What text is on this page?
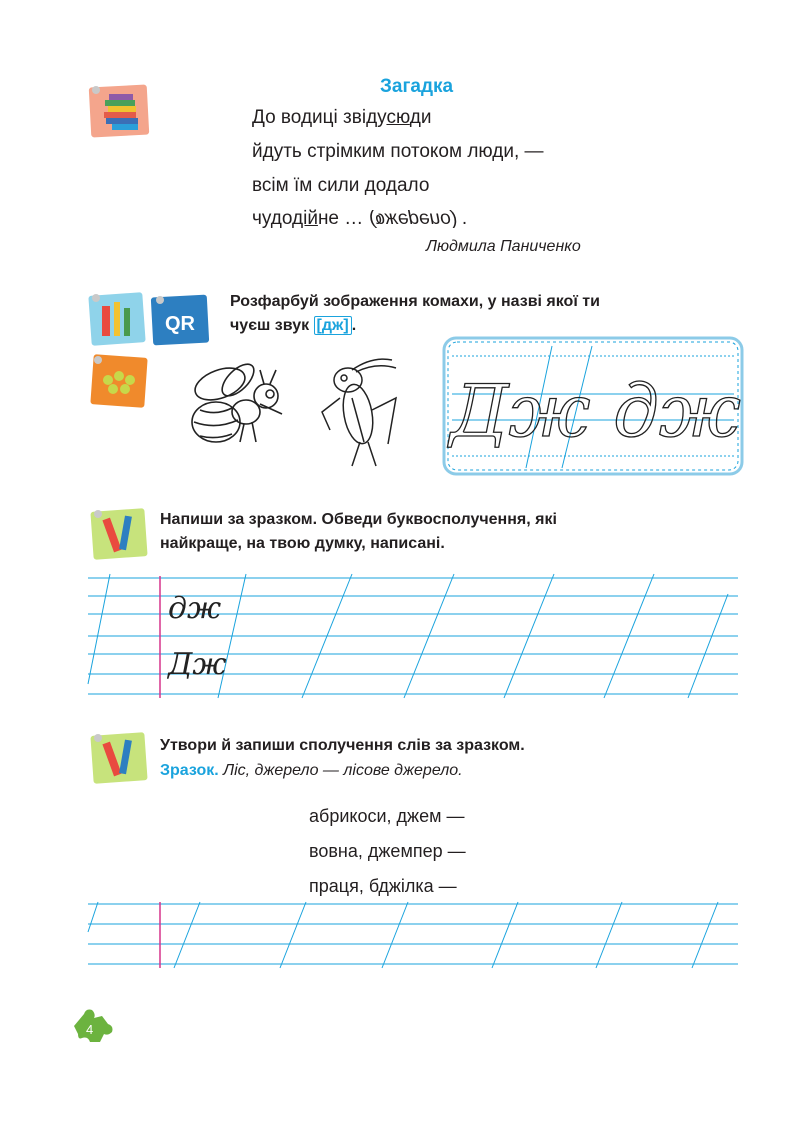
Загадка
До водиці звідусюди
йдуть стрімким потоком люди, —
всім їм сили додало
чудодійне … (оиәdәжҩ) .
Людмила Паниченко
QR
Розфарбуй зображення комахи, у назві якої ти
чуєш звук [дж] .
Дж дж
Напиши за зразком. Обведи буквосполучення, які
найкраще, на твою думку, написані.
дж
Дж
Утвори й запиши сполучення слів за зразком.
Зразок. Ліс, джерело — лісове джерело.
абрикоси, джем —
вовна, джемпер —
праця, бджілка —
4
